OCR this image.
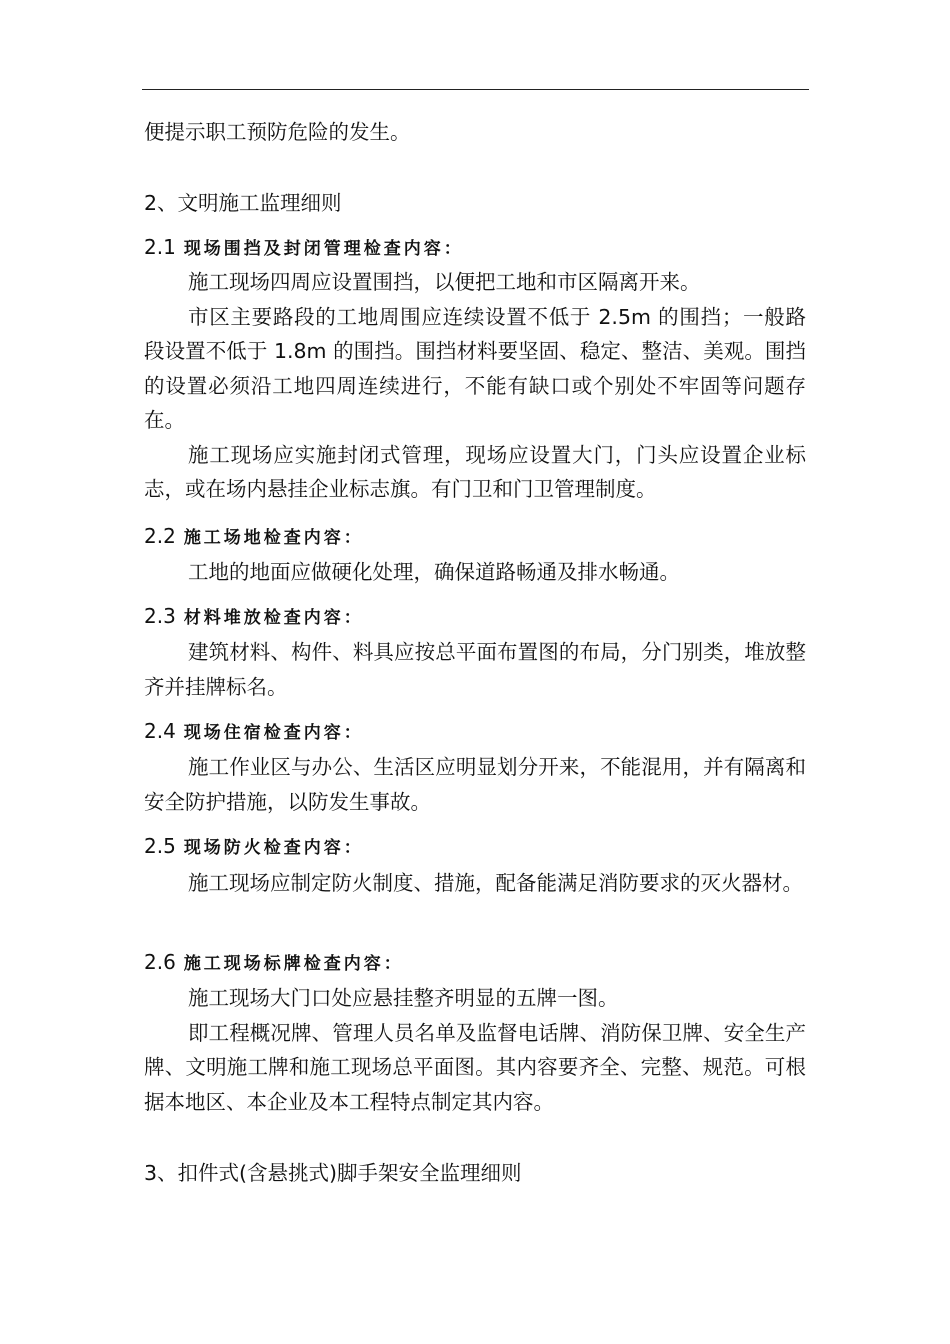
便提示职工预防危险的发生。

2、文明施工监理细则

2.1 现场围挡及封闭管理检查内容：

施工现场四周应设置围挡，以便把工地和市区隔离开来。

市区主要路段的工地周围应连续设置不低于 2.5m 的围挡；一般路段设置不低于 1.8m 的围挡。围挡材料要坚固、稳定、整洁、美观。围挡的设置必须沿工地四周连续进行，不能有缺口或个别处不牢固等问题存在。

施工现场应实施封闭式管理，现场应设置大门，门头应设置企业标志，或在场内悬挂企业标志旗。有门卫和门卫管理制度。

2.2 施工场地检查内容：

工地的地面应做硬化处理，确保道路畅通及排水畅通。

2.3 材料堆放检查内容：

建筑材料、构件、料具应按总平面布置图的布局，分门别类，堆放整齐并挂牌标名。

2.4 现场住宿检查内容：

施工作业区与办公、生活区应明显划分开来，不能混用，并有隔离和安全防护措施，以防发生事故。

2.5 现场防火检查内容：

施工现场应制定防火制度、措施，配备能满足消防要求的灭火器材。

2.6 施工现场标牌检查内容：

施工现场大门口处应悬挂整齐明显的五牌一图。

即工程概况牌、管理人员名单及监督电话牌、消防保卫牌、安全生产牌、文明施工牌和施工现场总平面图。其内容要齐全、完整、规范。可根据本地区、本企业及本工程特点制定其内容。

3、扣件式(含悬挑式)脚手架安全监理细则
